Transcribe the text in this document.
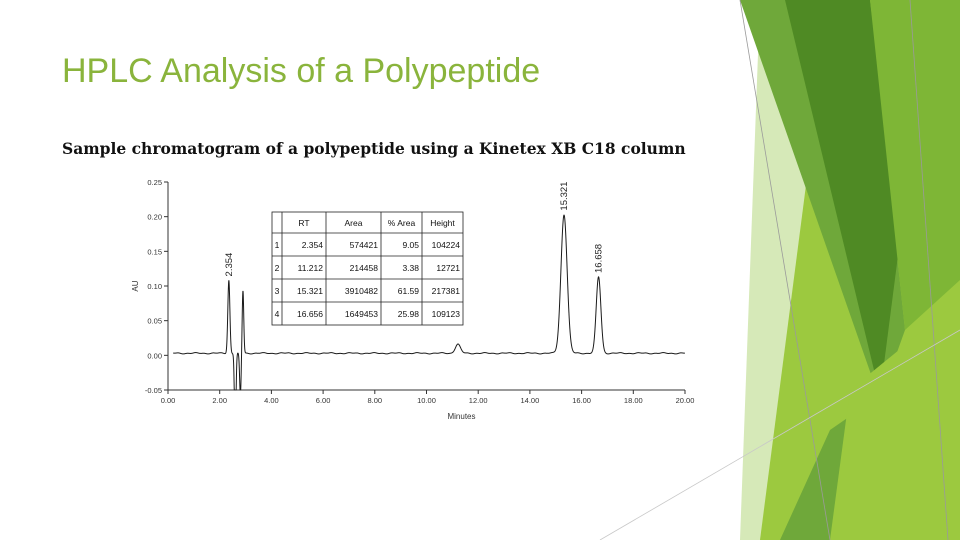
HPLC Analysis of a Polypeptide

Sample chromatogram of a polypeptide using a Kinetex XB C18 column

-0.05
0.00
0.05
0.10
0.15
0.20
0.25
0.00	2.00	4.00	6.00	8.00	10.00	12.00	14.00	16.00	18.00	20.00
Minutes
AU
2.354
15.321
16.658
RT	Area	% Area Height
1	2.354	574421	9.05 104224
2 11.212	214458	3.38 12721
3 15.321	3910482 61.59 217381
4 16.656	1649453 25.98 109123
